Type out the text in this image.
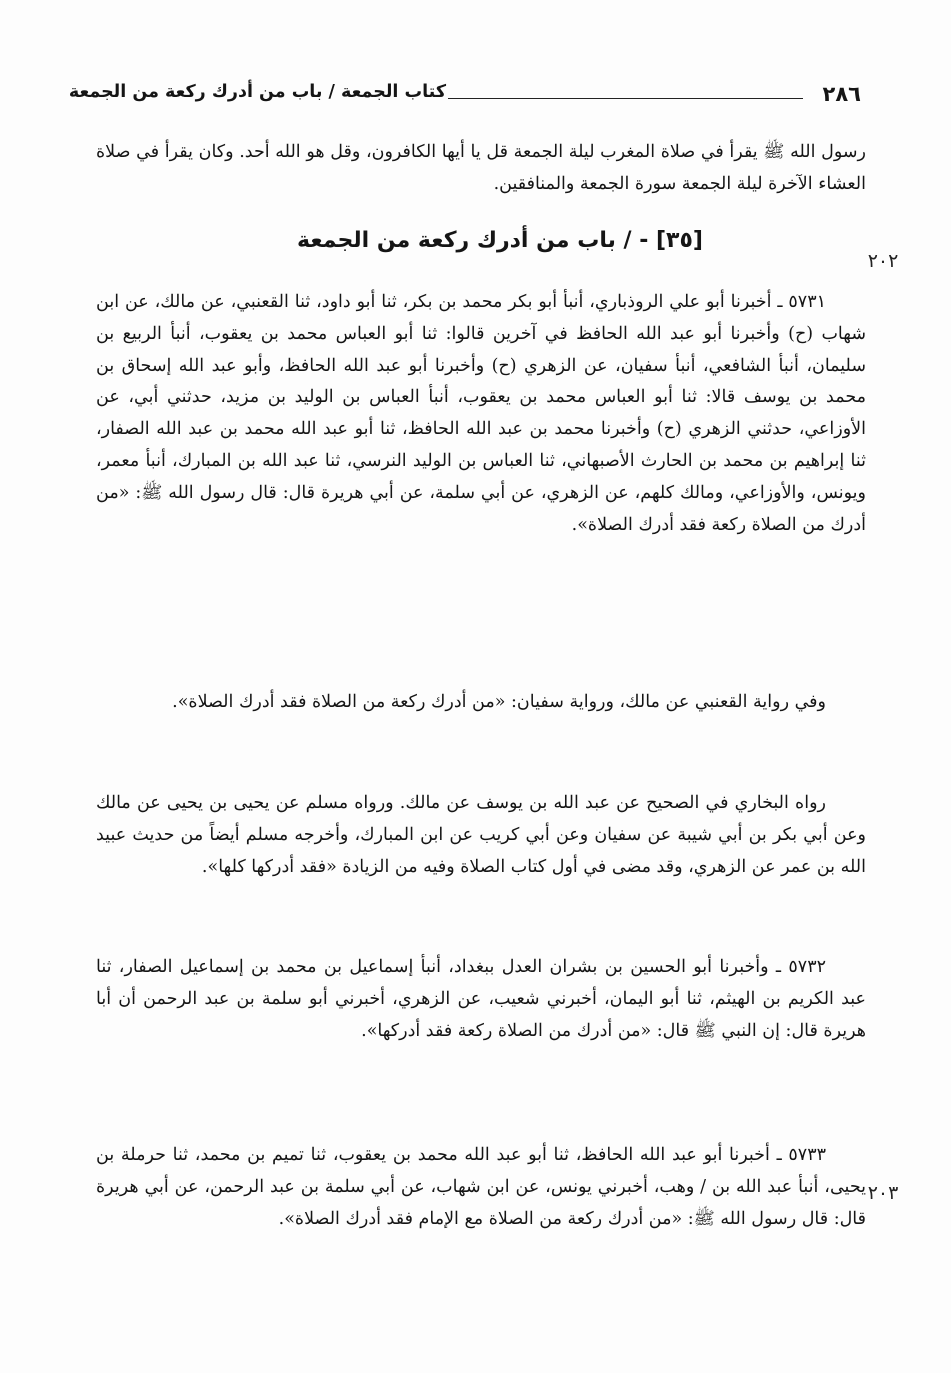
٢٨٦
كتاب الجمعة / باب من أدرك ركعة من الجمعة
رسول الله ﷺ يقرأ في صلاة المغرب ليلة الجمعة قل يا أيها الكافرون، وقل هو الله أحد. وكان يقرأ في صلاة العشاء الآخرة ليلة الجمعة سورة الجمعة والمنافقين.
٢٠٢
[٣٥] - / باب من أدرك ركعة من الجمعة
٥٧٣١ ـ أخبرنا أبو علي الروذباري، أنبأ أبو بكر محمد بن بكر، ثنا أبو داود، ثنا القعنبي، عن مالك، عن ابن شهاب (ح) وأخبرنا أبو عبد الله الحافظ في آخرين قالوا: ثنا أبو العباس محمد بن يعقوب، أنبأ الربيع بن سليمان، أنبأ الشافعي، أنبأ سفيان، عن الزهري (ح) وأخبرنا أبو عبد الله الحافظ، وأبو عبد الله إسحاق بن محمد بن يوسف قالا: ثنا أبو العباس محمد بن يعقوب، أنبأ العباس بن الوليد بن مزيد، حدثني أبي، عن الأوزاعي، حدثني الزهري (ح) وأخبرنا محمد بن عبد الله الحافظ، ثنا أبو عبد الله محمد بن عبد الله الصفار، ثنا إبراهيم بن محمد بن الحارث الأصبهاني، ثنا العباس بن الوليد النرسي، ثنا عبد الله بن المبارك، أنبأ معمر، ويونس، والأوزاعي، ومالك كلهم، عن الزهري، عن أبي سلمة، عن أبي هريرة قال: قال رسول الله ﷺ: «من أدرك من الصلاة ركعة فقد أدرك الصلاة».
وفي رواية القعنبي عن مالك، ورواية سفيان: «من أدرك ركعة من الصلاة فقد أدرك الصلاة».
رواه البخاري في الصحيح عن عبد الله بن يوسف عن مالك. ورواه مسلم عن يحيى بن يحيى عن مالك وعن أبي بكر بن أبي شيبة عن سفيان وعن أبي كريب عن ابن المبارك، وأخرجه مسلم أيضاً من حديث عبيد الله بن عمر عن الزهري، وقد مضى في أول كتاب الصلاة وفيه من الزيادة «فقد أدركها كلها».
٥٧٣٢ ـ وأخبرنا أبو الحسين بن بشران العدل ببغداد، أنبأ إسماعيل بن محمد بن إسماعيل الصفار، ثنا عبد الكريم بن الهيثم، ثنا أبو اليمان، أخبرني شعيب، عن الزهري، أخبرني أبو سلمة بن عبد الرحمن أن أبا هريرة قال: إن النبي ﷺ قال: «من أدرك من الصلاة ركعة فقد أدركها».
٢٠٣
٥٧٣٣ ـ أخبرنا أبو عبد الله الحافظ، ثنا أبو عبد الله محمد بن يعقوب، ثنا تميم بن محمد، ثنا حرملة بن يحيى، أنبأ عبد الله بن / وهب، أخبرني يونس، عن ابن شهاب، عن أبي سلمة بن عبد الرحمن، عن أبي هريرة قال: قال رسول الله ﷺ: «من أدرك ركعة من الصلاة مع الإمام فقد أدرك الصلاة».
